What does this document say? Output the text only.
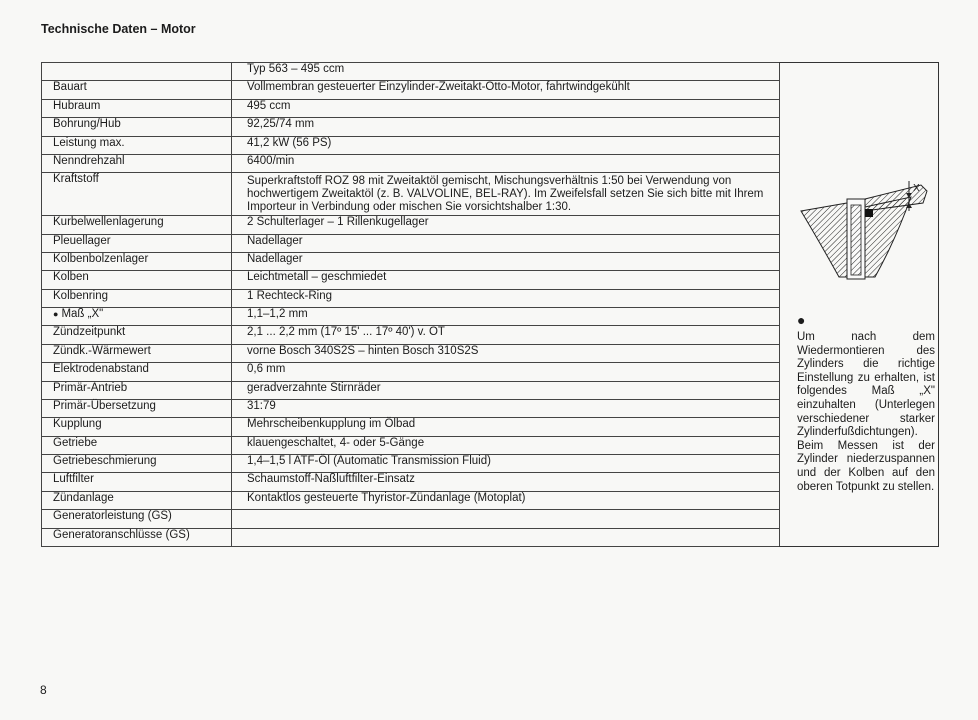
Technische Daten – Motor
	Typ 563 – 495 ccm
Bauart	Vollmembran gesteuerter Einzylinder-Zweitakt-Otto-Motor, fahrtwindgekühlt
Hubraum	495 ccm
Bohrung/Hub	92,25/74 mm
Leistung max.	41,2 kW (56 PS)
Nenndrehzahl	6400/min
Kraftstoff	Superkraftstoff ROZ 98 mit Zweitaktöl gemischt, Mischungsverhältnis 1:50 bei Verwendung von hochwertigem Zweitaktöl (z. B. VALVOLINE, BEL-RAY). Im Zweifelsfall setzen Sie sich bitte mit Ihrem Importeur in Verbindung oder mischen Sie vorsichtshalber 1:30.
Kurbelwellenlagerung	2 Schulterlager – 1 Rillenkugellager
Pleuellager	Nadellager
Kolbenbolzenlager	Nadellager
Kolben	Leichtmetall – geschmiedet
Kolbenring	1 Rechteck-Ring
● Maß „X"	1,1–1,2 mm
Zündzeitpunkt	2,1 ... 2,2 mm (17º 15' ... 17º 40') v. OT
Zündk.-Wärmewert	vorne Bosch 340S2S – hinten Bosch 310S2S
Elektrodenabstand	0,6 mm
Primär-Antrieb	geradverzahnte Stirnräder
Primär-Übersetzung	31:79
Kupplung	Mehrscheibenkupplung im Ölbad
Getriebe	klauengeschaltet, 4- oder 5-Gänge
Getriebeschmierung	1,4–1,5 l ATF-Öl (Automatic Transmission Fluid)
Luftfilter	Schaumstoff-Naßluftfilter-Einsatz
Zündanlage	Kontaktlos gesteuerte Thyristor-Zündanlage (Motoplat)
Generatorleistung (GS)	
Generatoranschlüsse (GS)	
X
●
Um nach dem Wiedermontieren des Zylinders die richtige Einstellung zu erhalten, ist folgendes Maß „X" einzuhalten (Unterlegen verschiedener starker Zylinderfußdichtungen). Beim Messen ist der Zylinder niederzuspannen und der Kolben auf den oberen Totpunkt zu stellen.
8
